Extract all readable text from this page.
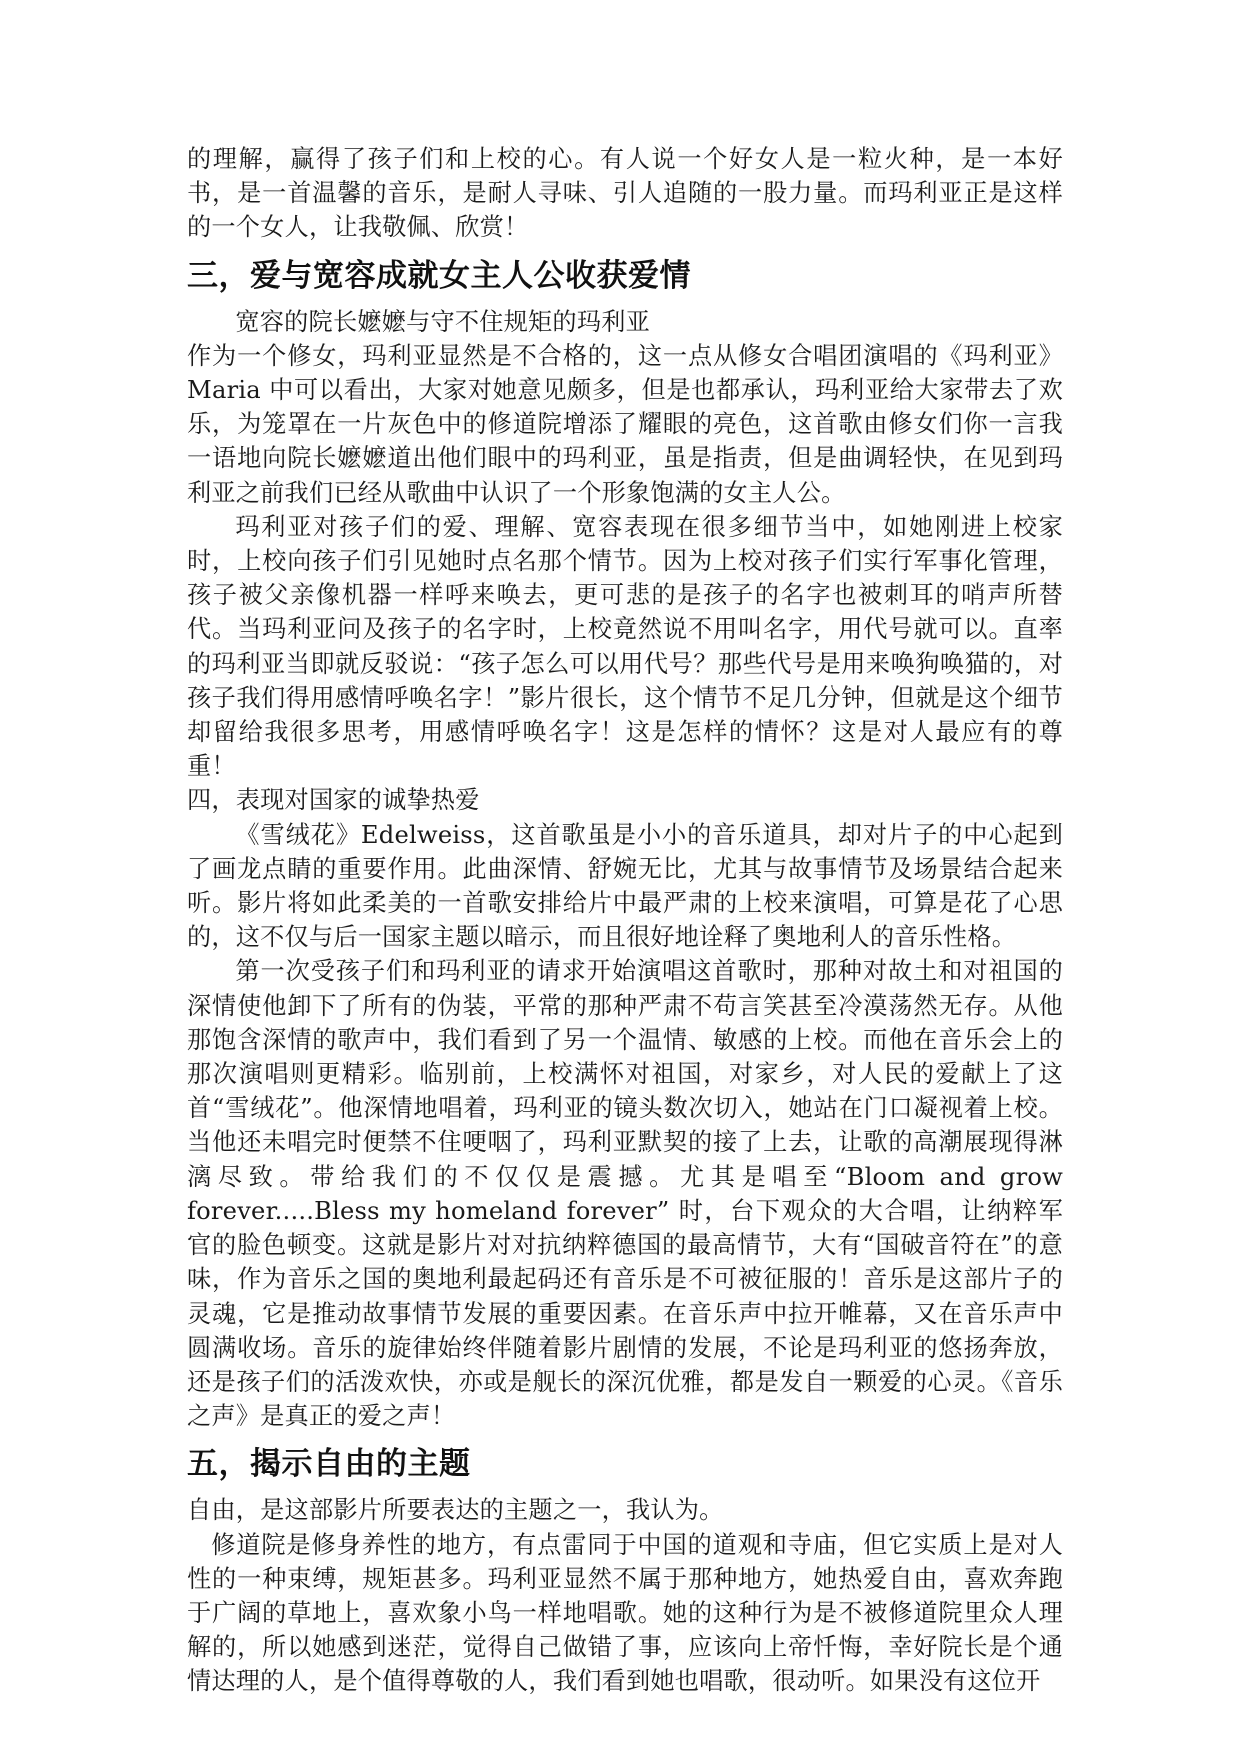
的理解，赢得了孩子们和上校的心。有人说一个好女人是一粒火种，是一本好书，是一首温馨的音乐，是耐人寻味、引人追随的一股力量。而玛利亚正是这样的一个女人，让我敬佩、欣赏！

三，爱与宽容成就女主人公收获爱情

宽容的院长嬷嬷与守不住规矩的玛利亚

作为一个修女，玛利亚显然是不合格的，这一点从修女合唱团演唱的《玛利亚》Maria 中可以看出，大家对她意见颇多，但是也都承认，玛利亚给大家带去了欢乐，为笼罩在一片灰色中的修道院增添了耀眼的亮色，这首歌由修女们你一言我一语地向院长嬷嬷道出他们眼中的玛利亚，虽是指责，但是曲调轻快，在见到玛利亚之前我们已经从歌曲中认识了一个形象饱满的女主人公。

玛利亚对孩子们的爱、理解、宽容表现在很多细节当中，如她刚进上校家时，上校向孩子们引见她时点名那个情节。因为上校对孩子们实行军事化管理，孩子被父亲像机器一样呼来唤去，更可悲的是孩子的名字也被刺耳的哨声所替代。当玛利亚问及孩子的名字时，上校竟然说不用叫名字，用代号就可以。直率的玛利亚当即就反驳说：“孩子怎么可以用代号？那些代号是用来唤狗唤猫的，对孩子我们得用感情呼唤名字！”影片很长，这个情节不足几分钟，但就是这个细节却留给我很多思考，用感情呼唤名字！这是怎样的情怀？这是对人最应有的尊重！

四，表现对国家的诚挚热爱

《雪绒花》Edelweiss，这首歌虽是小小的音乐道具，却对片子的中心起到了画龙点睛的重要作用。此曲深情、舒婉无比，尤其与故事情节及场景结合起来听。影片将如此柔美的一首歌安排给片中最严肃的上校来演唱，可算是花了心思的，这不仅与后一国家主题以暗示，而且很好地诠释了奥地利人的音乐性格。

第一次受孩子们和玛利亚的请求开始演唱这首歌时，那种对故土和对祖国的深情使他卸下了所有的伪装，平常的那种严肃不苟言笑甚至冷漠荡然无存。从他那饱含深情的歌声中，我们看到了另一个温情、敏感的上校。而他在音乐会上的那次演唱则更精彩。临别前，上校满怀对祖国，对家乡，对人民的爱献上了这首“雪绒花”。他深情地唱着，玛利亚的镜头数次切入，她站在门口凝视着上校。当他还未唱完时便禁不住哽咽了，玛利亚默契的接了上去，让歌的高潮展现得淋漓尽致。带给我们的不仅仅是震撼。尤其是唱至“Bloom and grow forever.....Bless my homeland forever” 时，台下观众的大合唱，让纳粹军官的脸色顿变。这就是影片对对抗纳粹德国的最高情节，大有“国破音符在”的意味，作为音乐之国的奥地利最起码还有音乐是不可被征服的！音乐是这部片子的灵魂，它是推动故事情节发展的重要因素。在音乐声中拉开帷幕，又在音乐声中圆满收场。音乐的旋律始终伴随着影片剧情的发展，不论是玛利亚的悠扬奔放，还是孩子们的活泼欢快，亦或是舰长的深沉优雅，都是发自一颗爱的心灵。《音乐之声》是真正的爱之声！

五，揭示自由的主题

自由，是这部影片所要表达的主题之一，我认为。

修道院是修身养性的地方，有点雷同于中国的道观和寺庙，但它实质上是对人性的一种束缚，规矩甚多。玛利亚显然不属于那种地方，她热爱自由，喜欢奔跑于广阔的草地上，喜欢象小鸟一样地唱歌。她的这种行为是不被修道院里众人理解的，所以她感到迷茫，觉得自己做错了事，应该向上帝忏悔，幸好院长是个通情达理的人，是个值得尊敬的人，我们看到她也唱歌，很动听。如果没有这位开
